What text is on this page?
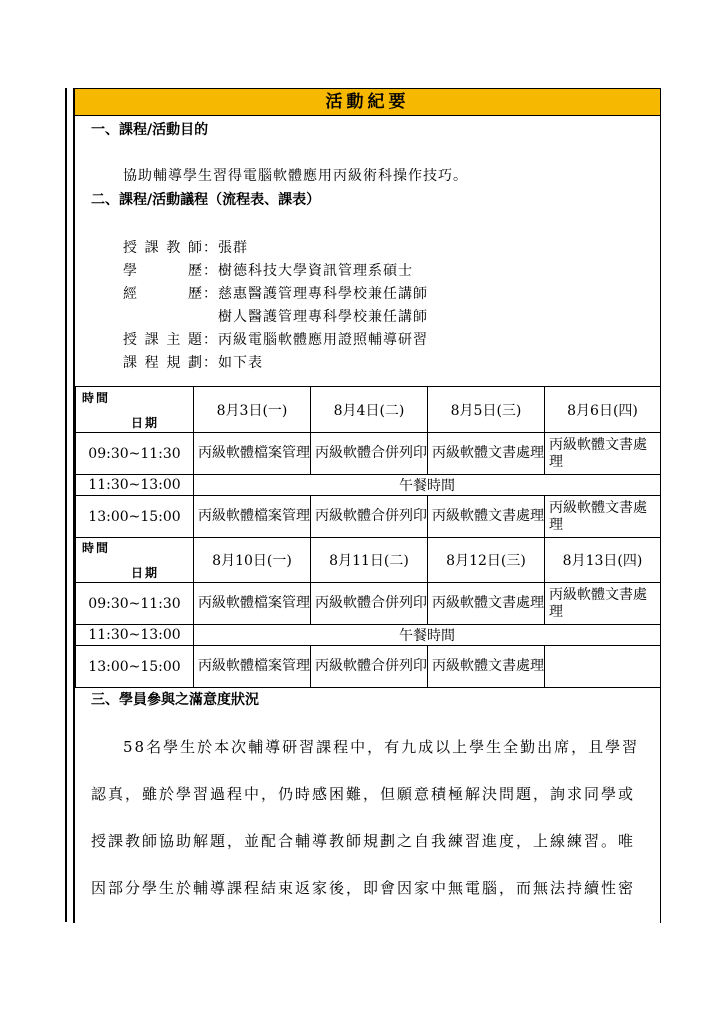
活動紀要
一、課程/活動目的
協助輔導學生習得電腦軟體應用丙級術科操作技巧。
二、課程/活動議程（流程表、課表）
授課教師：張群
學歷：樹德科技大學資訊管理系碩士
經歷：慈惠醫護管理專科學校兼任講師
樹人醫護管理專科學校兼任講師
授課主題：丙級電腦軟體應用證照輔導研習
課程規劃：如下表
日期
時間	8月3日(一)	8月4日(二)	8月5日(三)	8月6日(四)
09:30~11:30	丙級軟體檔案管理	丙級軟體合併列印	丙級軟體文書處理	丙級軟體文書處理
11:30~13:00	午餐時間			
13:00~15:00	丙級軟體檔案管理	丙級軟體合併列印	丙級軟體文書處理	丙級軟體文書處理

日期
時間	8月10日(一)	8月11日(二)	8月12日(三)	8月13日(四)
09:30~11:30	丙級軟體檔案管理	丙級軟體合併列印	丙級軟體文書處理	丙級軟體文書處理
11:30~13:00	午餐時間			
13:00~15:00	丙級軟體檔案管理	丙級軟體合併列印	丙級軟體文書處理	
三、學員參與之滿意度狀況
58名學生於本次輔導研習課程中，有九成以上學生全勤出席，且學習
認真，雖於學習過程中，仍時感困難，但願意積極解決問題，詢求同學或
授課教師協助解題，並配合輔導教師規劃之自我練習進度，上線練習。唯
因部分學生於輔導課程結束返家後，即會因家中無電腦，而無法持續性密
